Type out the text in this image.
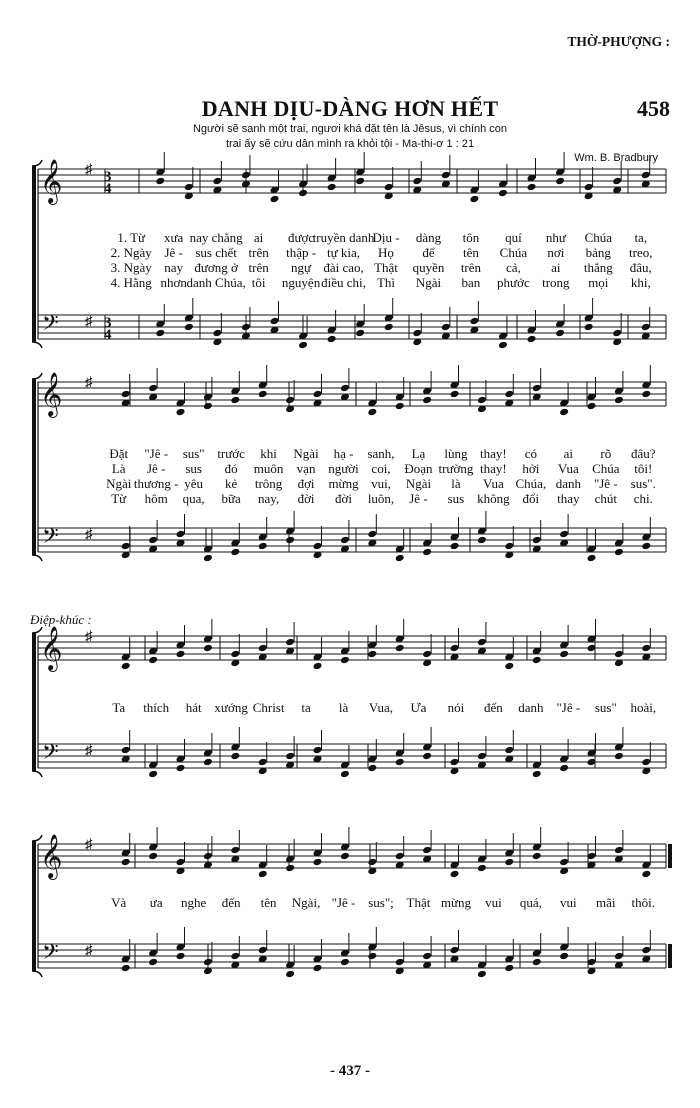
THỜ-PHƯỢNG :
DANH DỊU-DÀNG HƠN HẾT	458
Người sẽ sanh một trai, ngươi khá đặt tên là Jêsus, vì chính con
trai ấy sẽ cứu dân mình ra khỏi tội - Ma-thi-ơ 1 : 21
Wm. B. Bradbury
Điệp-khúc :
- 437 -
𝄞
𝄢
♯
♯
3
4
3
4
1. Từ xưa nay chẳng ai được
truyền danh
Dịu - dàng tôn quí như Chúa ta,
2. Ngày Jê - sus chết trên thập - tự kia, Họ để tên Chúa nơi bảng treo,
3. Ngày nay đương ở trên ngự đài cao, Thật quyền trên cả, ai thắng đâu,
4. Hằng nhơn danh Chúa, tôi nguyện điều chi, Thì Ngài ban phước trong mọi khi,
𝄞
𝄢
♯
♯
Đặt "Jê - sus" trước khi Ngài hạ - sanh, Lạ lùng thay! có ai rõ đâu?
Là Jê - sus đó muôn vạn người coi, Đoạn trường thay! hởi Vua Chúa tôi!
Ngài thương - yêu kẻ trông đợi mừng vui, Ngài là Vua Chúa, danh "Jê - sus".
Từ hôm qua, bữa nay, đời đời luôn, Jê - sus không đổi thay chút chi.
𝄞
𝄢
♯
♯
Ta thích hát xướng Christ ta là Vua, Ưa nói đến danh "Jê - sus" hoài,
𝄞
𝄢
♯
♯
Và ưa nghe đến tên Ngài, "Jê - sus"; Thật mừng vui quá, vui mãi thôi.
